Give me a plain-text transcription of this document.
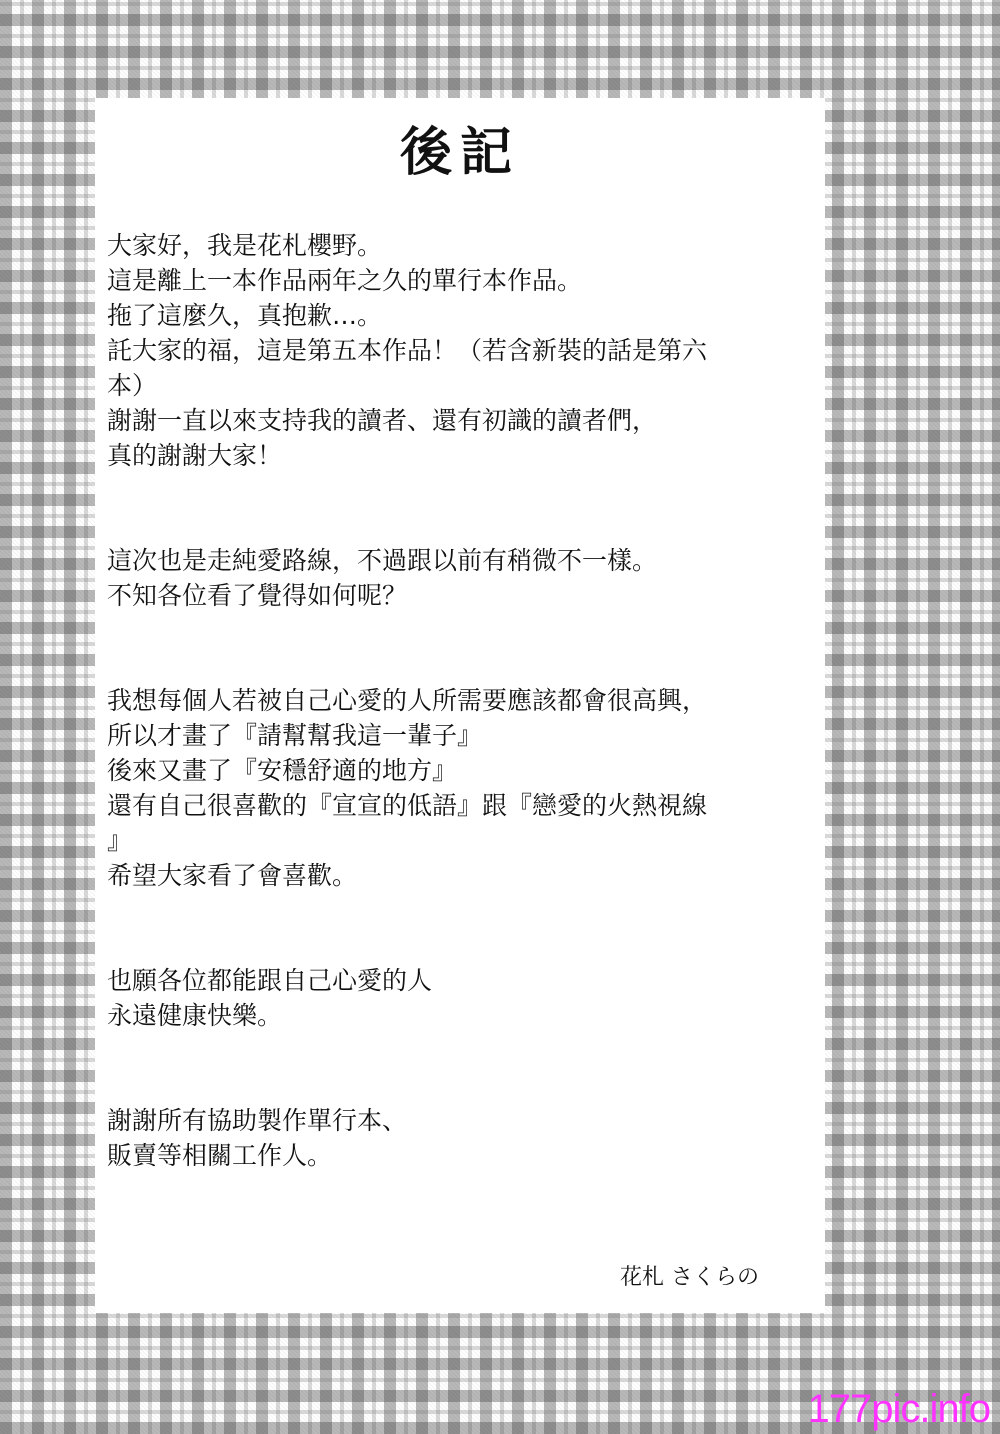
後記
大家好，我是花札櫻野。
這是離上一本作品兩年之久的單行本作品。
拖了這麼久，真抱歉…。
託大家的福，這是第五本作品！（若含新裝的話是第六
本）
謝謝一直以來支持我的讀者、還有初識的讀者們，
真的謝謝大家！
這次也是走純愛路線，不過跟以前有稍微不一樣。
不知各位看了覺得如何呢？
我想每個人若被自己心愛的人所需要應該都會很高興，
所以才畫了『請幫幫我這一輩子』
後來又畫了『安穩舒適的地方』
還有自己很喜歡的『宣宣的低語』跟『戀愛的火熱視線
』
希望大家看了會喜歡。
也願各位都能跟自己心愛的人
永遠健康快樂。
謝謝所有協助製作單行本、
販賣等相關工作人。
花札 さくらの
177pic.info
